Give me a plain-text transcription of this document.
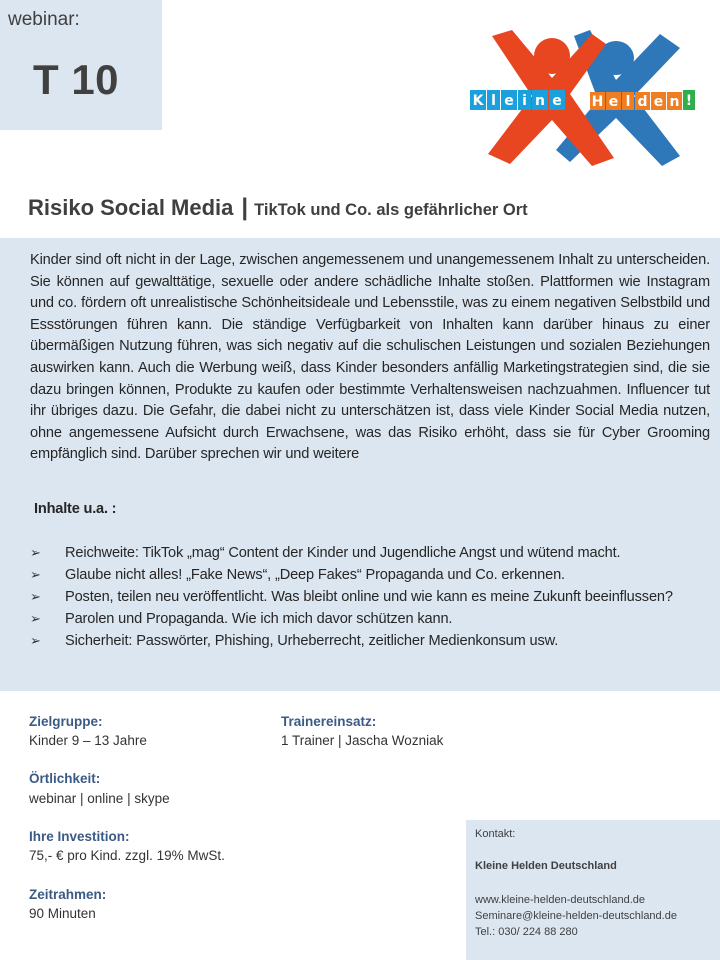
webinar:
T 10	K l e i n e H e l d e n !
Risiko Social Media | TikTok und Co. als gefährlicher Ort

Kinder sind oft nicht in der Lage, zwischen angemessenem und unangemessenem Inhalt zu unterscheiden. Sie können auf gewalttätige, sexuelle oder andere schädliche Inhalte stoßen. Plattformen wie Instagram und co. fördern oft unrealistische Schönheitsideale und Lebensstile, was zu einem negativen Selbstbild und Essstörungen führen kann. Die ständige Verfügbarkeit von Inhalten kann darüber hinaus zu einer übermäßigen Nutzung führen, was sich negativ auf die schulischen Leistungen und sozialen Beziehungen auswirken kann. Auch die Werbung weiß, dass Kinder besonders anfällig Marketingstrategien sind, die sie dazu bringen können, Produkte zu kaufen oder bestimmte Verhaltensweisen nachzuahmen. Influencer tut ihr übriges dazu. Die Gefahr, die dabei nicht zu unterschätzen ist, dass viele Kinder Social Media nutzen, ohne angemessene Aufsicht durch Erwachsene, was das Risiko erhöht, dass sie für Cyber Grooming empfänglich sind. Darüber sprechen wir und weitere

Inhalte u.a. :
➢ Reichweite: TikTok „mag“ Content der Kinder und Jugendliche Angst und wütend macht.
➢ Glaube nicht alles! „Fake News“, „Deep Fakes“ Propaganda und Co. erkennen.
➢ Posten, teilen neu veröffentlicht. Was bleibt online und wie kann es meine Zukunft beeinflussen?
➢ Parolen und Propaganda. Wie ich mich davor schützen kann.
➢ Sicherheit: Passwörter, Phishing, Urheberrecht, zeitlicher Medienkonsum usw.
Zielgruppe:
Kinder 9 – 13 Jahre
Trainereinsatz:
1 Trainer | Jascha Wozniak
Örtlichkeit:
webinar | online | skype
Ihre Investition:
75,- € pro Kind. zzgl. 19% MwSt.
Zeitrahmen:
90 Minuten
Kontakt:
Kleine Helden Deutschland
www.kleine-helden-deutschland.de
Seminare@kleine-helden-deutschland.de
Tel.: 030/ 224 88 280
